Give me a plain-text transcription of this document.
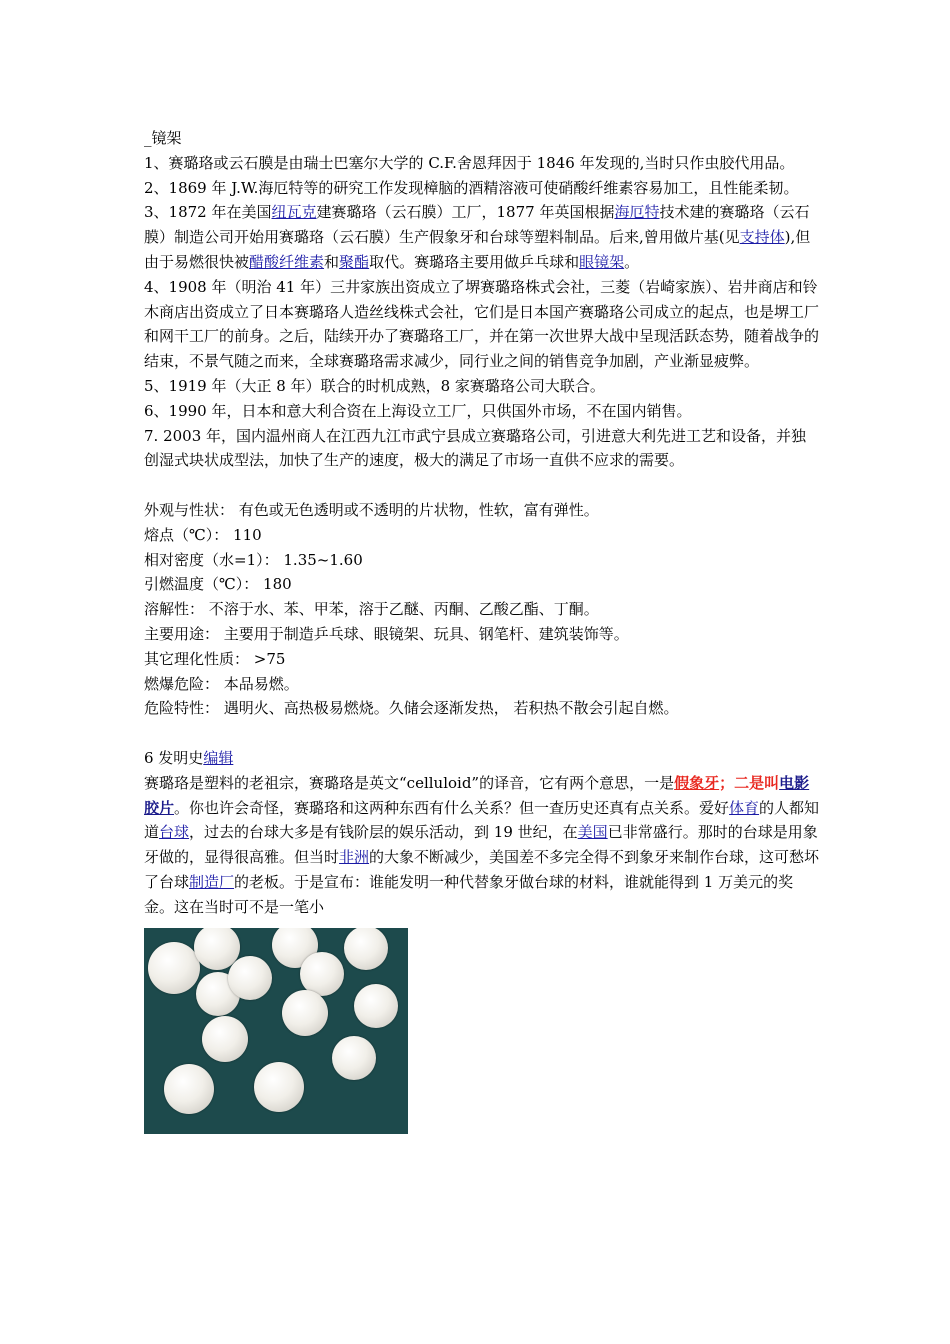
_镜架

1、赛璐珞或云石膜是由瑞士巴塞尔大学的 C.F.舍恩拜因于 1846 年发现的,当时只作虫胶代用品。

2、1869 年 J.W.海厄特等的研究工作发现樟脑的酒精溶液可使硝酸纤维素容易加工，且性能柔韧。

3、1872 年在美国纽瓦克建赛璐珞（云石膜）工厂，1877 年英国根据海厄特技术建的赛璐珞（云石膜）制造公司开始用赛璐珞（云石膜）生产假象牙和台球等塑料制品。后来,曾用做片基(见支持体),但由于易燃很快被醋酸纤维素和聚酯取代。赛璐珞主要用做乒乓球和眼镜架。

4、1908 年（明治 41 年）三井家族出资成立了堺赛璐珞株式会社，三菱（岩崎家族）、岩井商店和铃木商店出资成立了日本赛璐珞人造丝线株式会社，它们是日本国产赛璐珞公司成立的起点，也是堺工厂和网干工厂的前身。之后，陆续开办了赛璐珞工厂，并在第一次世界大战中呈现活跃态势，随着战争的结束，不景气随之而来，全球赛璐珞需求减少，同行业之间的销售竞争加剧，产业渐显疲弊。

5、1919 年（大正 8 年）联合的时机成熟，8 家赛璐珞公司大联合。

6、1990 年，日本和意大利合资在上海设立工厂，只供国外市场，不在国内销售。

7. 2003 年，国内温州商人在江西九江市武宁县成立赛璐珞公司，引进意大利先进工艺和设备，并独创湿式块状成型法，加快了生产的速度，极大的满足了市场一直供不应求的需要。

外观与性状： 有色或无色透明或不透明的片状物，性软，富有弹性。

熔点（℃）： 110

相对密度（水=1）： 1.35~1.60

引燃温度（℃）： 180

溶解性： 不溶于水、苯、甲苯，溶于乙醚、丙酮、乙酸乙酯、丁酮。

主要用途： 主要用于制造乒乓球、眼镜架、玩具、钢笔杆、建筑装饰等。

其它理化性质： >75

燃爆危险： 本品易燃。

危险特性： 遇明火、高热极易燃烧。久储会逐渐发热， 若积热不散会引起自燃。

6 发明史编辑

赛璐珞是塑料的老祖宗，赛璐珞是英文“celluloid”的译音，它有两个意思，一是假象牙；二是叫电影胶片。你也许会奇怪，赛璐珞和这两种东西有什么关系？但一查历史还真有点关系。爱好体育的人都知道台球，过去的台球大多是有钱阶层的娱乐活动，到 19 世纪，在美国已非常盛行。那时的台球是用象牙做的，显得很高雅。但当时非洲的大象不断减少，美国差不多完全得不到象牙来制作台球，这可愁坏了台球制造厂的老板。于是宣布：谁能发明一种代替象牙做台球的材料，谁就能得到 1 万美元的奖金。这在当时可不是一笔小
